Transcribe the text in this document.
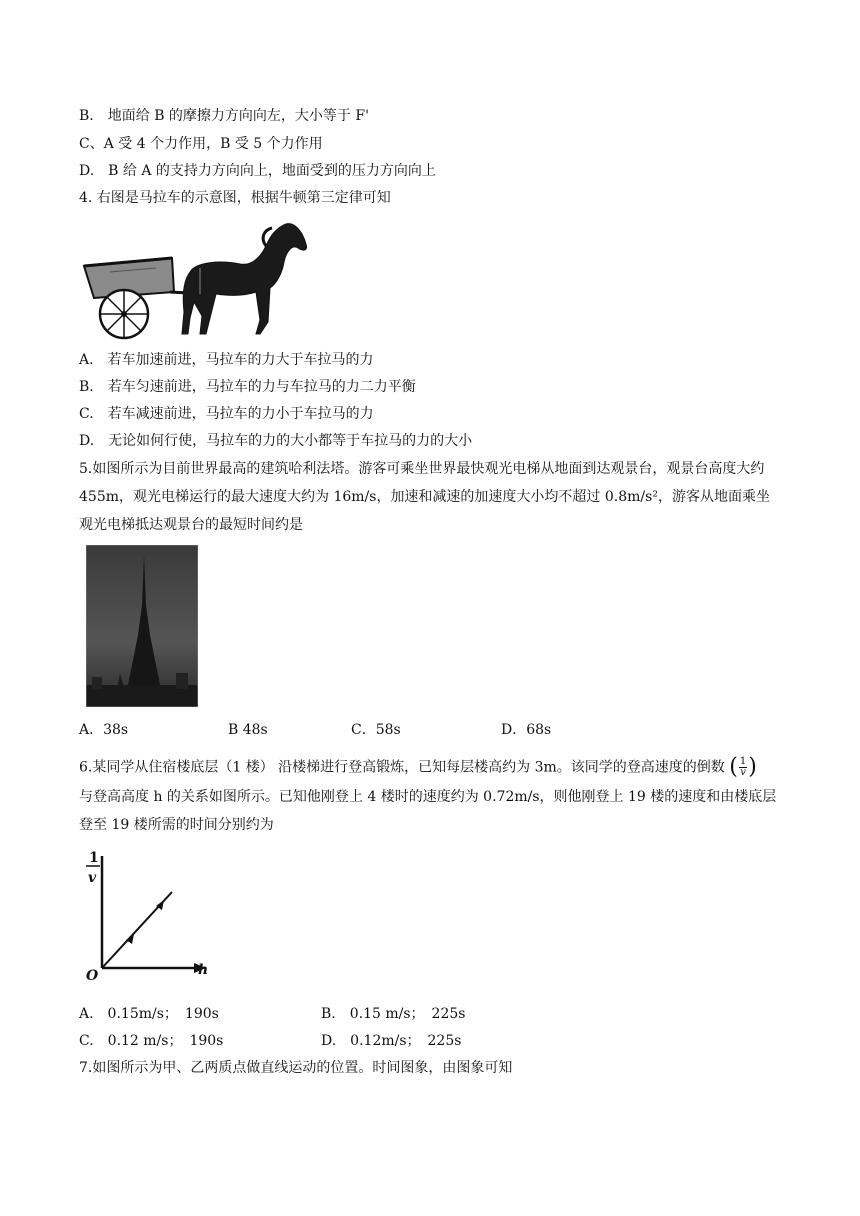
B.　地面给 B 的摩擦力方向向左，大小等于 F'
C、A 受 4 个力作用，B 受 5 个力作用
D.　B 给 A 的支持力方向向上，地面受到的压力方向向上
4. 右图是马拉车的示意图，根据牛顿第三定律可知
A.　若车加速前进，马拉车的力大于车拉马的力
B.　若车匀速前进，马拉车的力与车拉马的力二力平衡
C.　若车减速前进，马拉车的力小于车拉马的力
D.　无论如何行使，马拉车的力的大小都等于车拉马的力的大小
5.如图所示为目前世界最高的建筑哈利法塔。游客可乘坐世界最快观光电梯从地面到达观景台，观景台高度大约 455m，观光电梯运行的最大速度大约为 16m/s，加速和减速的加速度大小均不超过 0.8m/s²，游客从地面乘坐观光电梯抵达观景台的最短时间约是
A．38s	B 48s	C．58s	D．68s
6.某同学从住宿楼底层（1 楼） 沿楼梯进行登高锻炼，已知每层楼高约为 3m。该同学的登高速度的倒数 ( $\frac{1}{v}$)
与登高高度 h 的关系如图所示。已知他刚登上 4 楼时的速度约为 0.72m/s，则他刚登上 19 楼的速度和由楼底层登至 19 楼所需的时间分别约为
1
v
h
O
A.　0.15m/s；　190s	B.　0.15 m/s；　225s
C.　0.12 m/s；　190s	D.　0.12m/s；　225s
7.如图所示为甲、乙两质点做直线运动的位置。时间图象，由图象可知
